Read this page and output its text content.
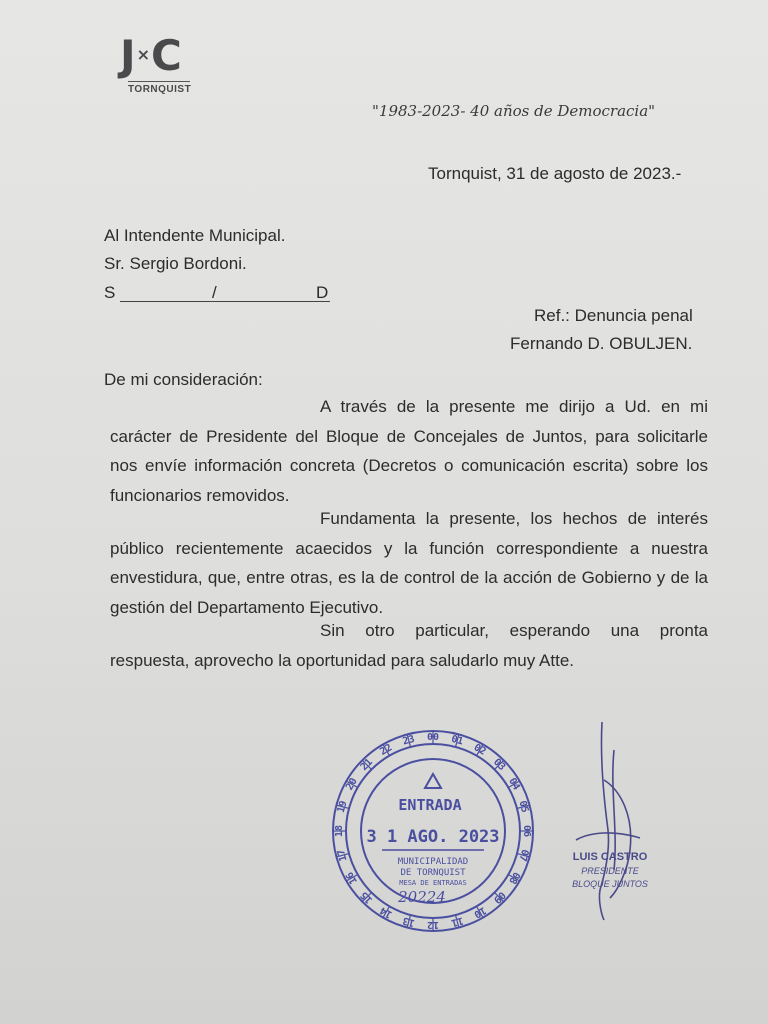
J ×C
TORNQUIST
"1983-2023- 40 años de Democracia"
Tornquist, 31 de agosto de 2023.-
Al Intendente Municipal.
Sr. Sergio Bordoni.
S	/	D
Ref.: Denuncia penal
Fernando D. OBULJEN.
De mi consideración:
A través de la presente me dirijo a Ud. en mi carácter de Presidente del Bloque de Concejales de Juntos, para solicitarle nos envíe información concreta (Decretos o comunicación escrita) sobre los funcionarios removidos.
Fundamenta la presente, los hechos de interés público recientemente acaecidos y la función correspondiente a nuestra envestidura, que, entre otras, es la de control de la acción de Gobierno y de la gestión del Departamento Ejecutivo.
Sin otro particular, esperando una pronta respuesta, aprovecho la oportunidad para saludarlo muy Atte.
00 01
02
03
04
05
06
07
08
09
10
11
12
13
14
15
16
17
18
19
20
21
22
23
ENTRADA
3 1 AGO. 2023
MUNICIPALIDAD
DE TORNQUIST
MESA DE ENTRADAS
20224
LUIS CASTRO
PRESIDENTE
BLOQUE JUNTOS
